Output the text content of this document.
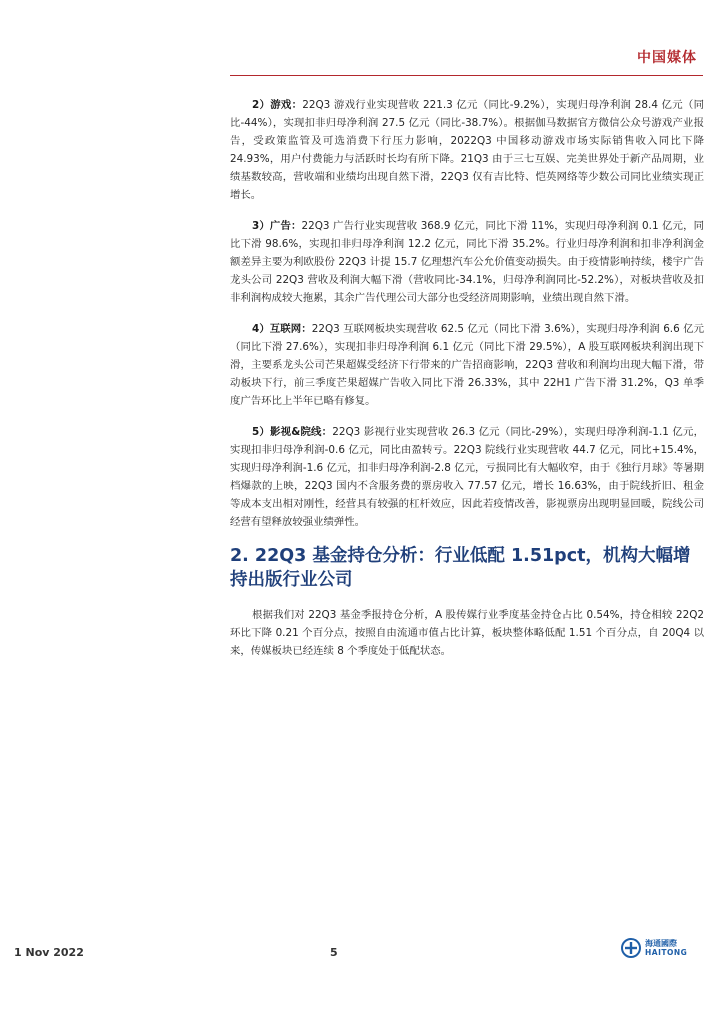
中国媒体

2）游戏：22Q3 游戏行业实现营收 221.3 亿元（同比-9.2%），实现归母净利润 28.4 亿元（同比-44%），实现扣非归母净利润 27.5 亿元（同比-38.7%）。根据伽马数据官方微信公众号游戏产业报告，受政策监管及可选消费下行压力影响，2022Q3 中国移动游戏市场实际销售收入同比下降 24.93%，用户付费能力与活跃时长均有所下降。21Q3 由于三七互娱、完美世界处于新产品周期，业绩基数较高，营收端和业绩均出现自然下滑，22Q3 仅有吉比特、恺英网络等少数公司同比业绩实现正增长。

3）广告：22Q3 广告行业实现营收 368.9 亿元，同比下滑 11%，实现归母净利润 0.1 亿元，同比下滑 98.6%，实现扣非归母净利润 12.2 亿元，同比下滑 35.2%。行业归母净利润和扣非净利润金额差异主要为利欧股份 22Q3 计提 15.7 亿理想汽车公允价值变动损失。由于疫情影响持续，楼宇广告龙头公司 22Q3 营收及利润大幅下滑（营收同比-34.1%，归母净利润同比-52.2%），对板块营收及扣非利润构成较大拖累，其余广告代理公司大部分也受经济周期影响，业绩出现自然下滑。

4）互联网：22Q3 互联网板块实现营收 62.5 亿元（同比下滑 3.6%），实现归母净利润 6.6 亿元（同比下滑 27.6%），实现扣非归母净利润 6.1 亿元（同比下滑 29.5%），A 股互联网板块利润出现下滑，主要系龙头公司芒果超媒受经济下行带来的广告招商影响，22Q3 营收和利润均出现大幅下滑，带动板块下行，前三季度芒果超媒广告收入同比下滑 26.33%，其中 22H1 广告下滑 31.2%，Q3 单季度广告环比上半年已略有修复。

5）影视&院线：22Q3 影视行业实现营收 26.3 亿元（同比-29%），实现归母净利润-1.1 亿元，实现扣非归母净利润-0.6 亿元，同比由盈转亏。22Q3 院线行业实现营收 44.7 亿元，同比+15.4%，实现归母净利润-1.6 亿元，扣非归母净利润-2.8 亿元，亏损同比有大幅收窄，由于《独行月球》等暑期档爆款的上映，22Q3 国内不含服务费的票房收入 77.57 亿元，增长 16.63%，由于院线折旧、租金等成本支出相对刚性，经营具有较强的杠杆效应，因此若疫情改善，影视票房出现明显回暖，院线公司经营有望释放较强业绩弹性。

2. 22Q3 基金持仓分析：行业低配 1.51pct，机构大幅增持出版行业公司

根据我们对 22Q3 基金季报持仓分析，A 股传媒行业季度基金持仓占比 0.54%，持仓相较 22Q2 环比下降 0.21 个百分点，按照自由流通市值占比计算，板块整体略低配 1.51 个百分点，自 20Q4 以来，传媒板块已经连续 8 个季度处于低配状态。

1 Nov 2022	5
海通國際
HAITONG
